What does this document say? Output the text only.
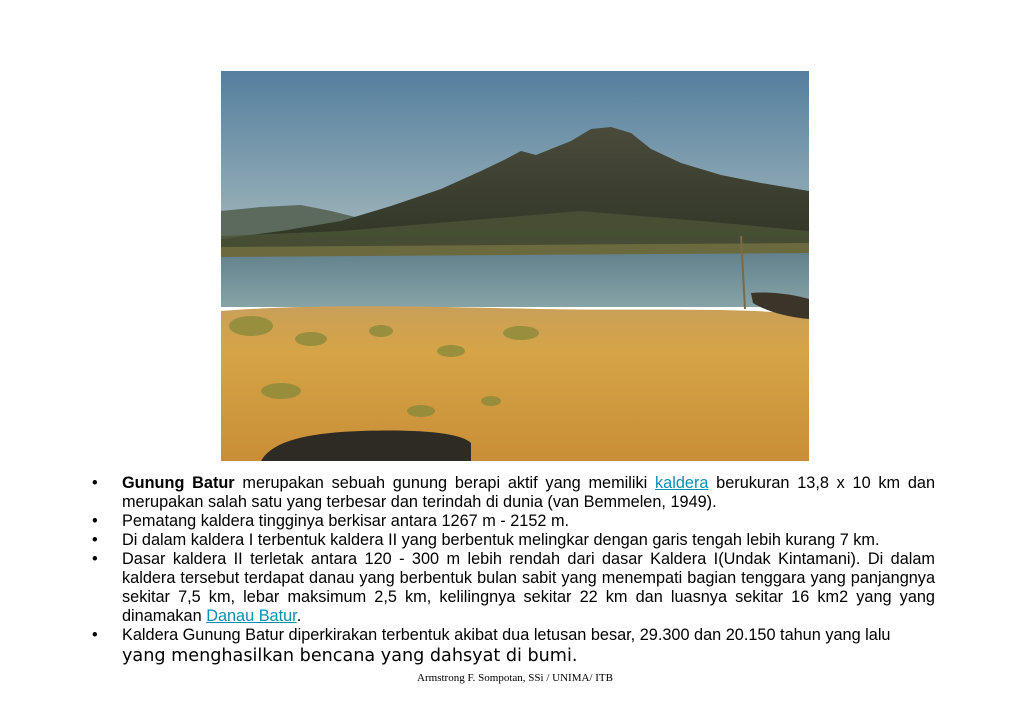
• Gunung Batur merupakan sebuah gunung berapi aktif yang memiliki kaldera berukuran 13,8 x 10 km dan merupakan salah satu yang terbesar dan terindah di dunia (van Bemmelen, 1949).
• Pematang kaldera tingginya berkisar antara 1267 m - 2152 m.
• Di dalam kaldera I terbentuk kaldera II yang berbentuk melingkar dengan garis tengah lebih kurang 7 km.
• Dasar kaldera II terletak antara 120 - 300 m lebih rendah dari dasar Kaldera I(Undak Kintamani). Di dalam kaldera tersebut terdapat danau yang berbentuk bulan sabit yang menempati bagian tenggara yang panjangnya sekitar 7,5 km, lebar maksimum 2,5 km, kelilingnya sekitar 22 km dan luasnya sekitar 16 km2 yang yang dinamakan Danau Batur.
• Kaldera Gunung Batur diperkirakan terbentuk akibat dua letusan besar, 29.300 dan 20.150 tahun yang lalu
yang menghasilkan bencana yang dahsyat di bumi.
Armstrong F. Sompotan, SSi / UNIMA/ ITB
